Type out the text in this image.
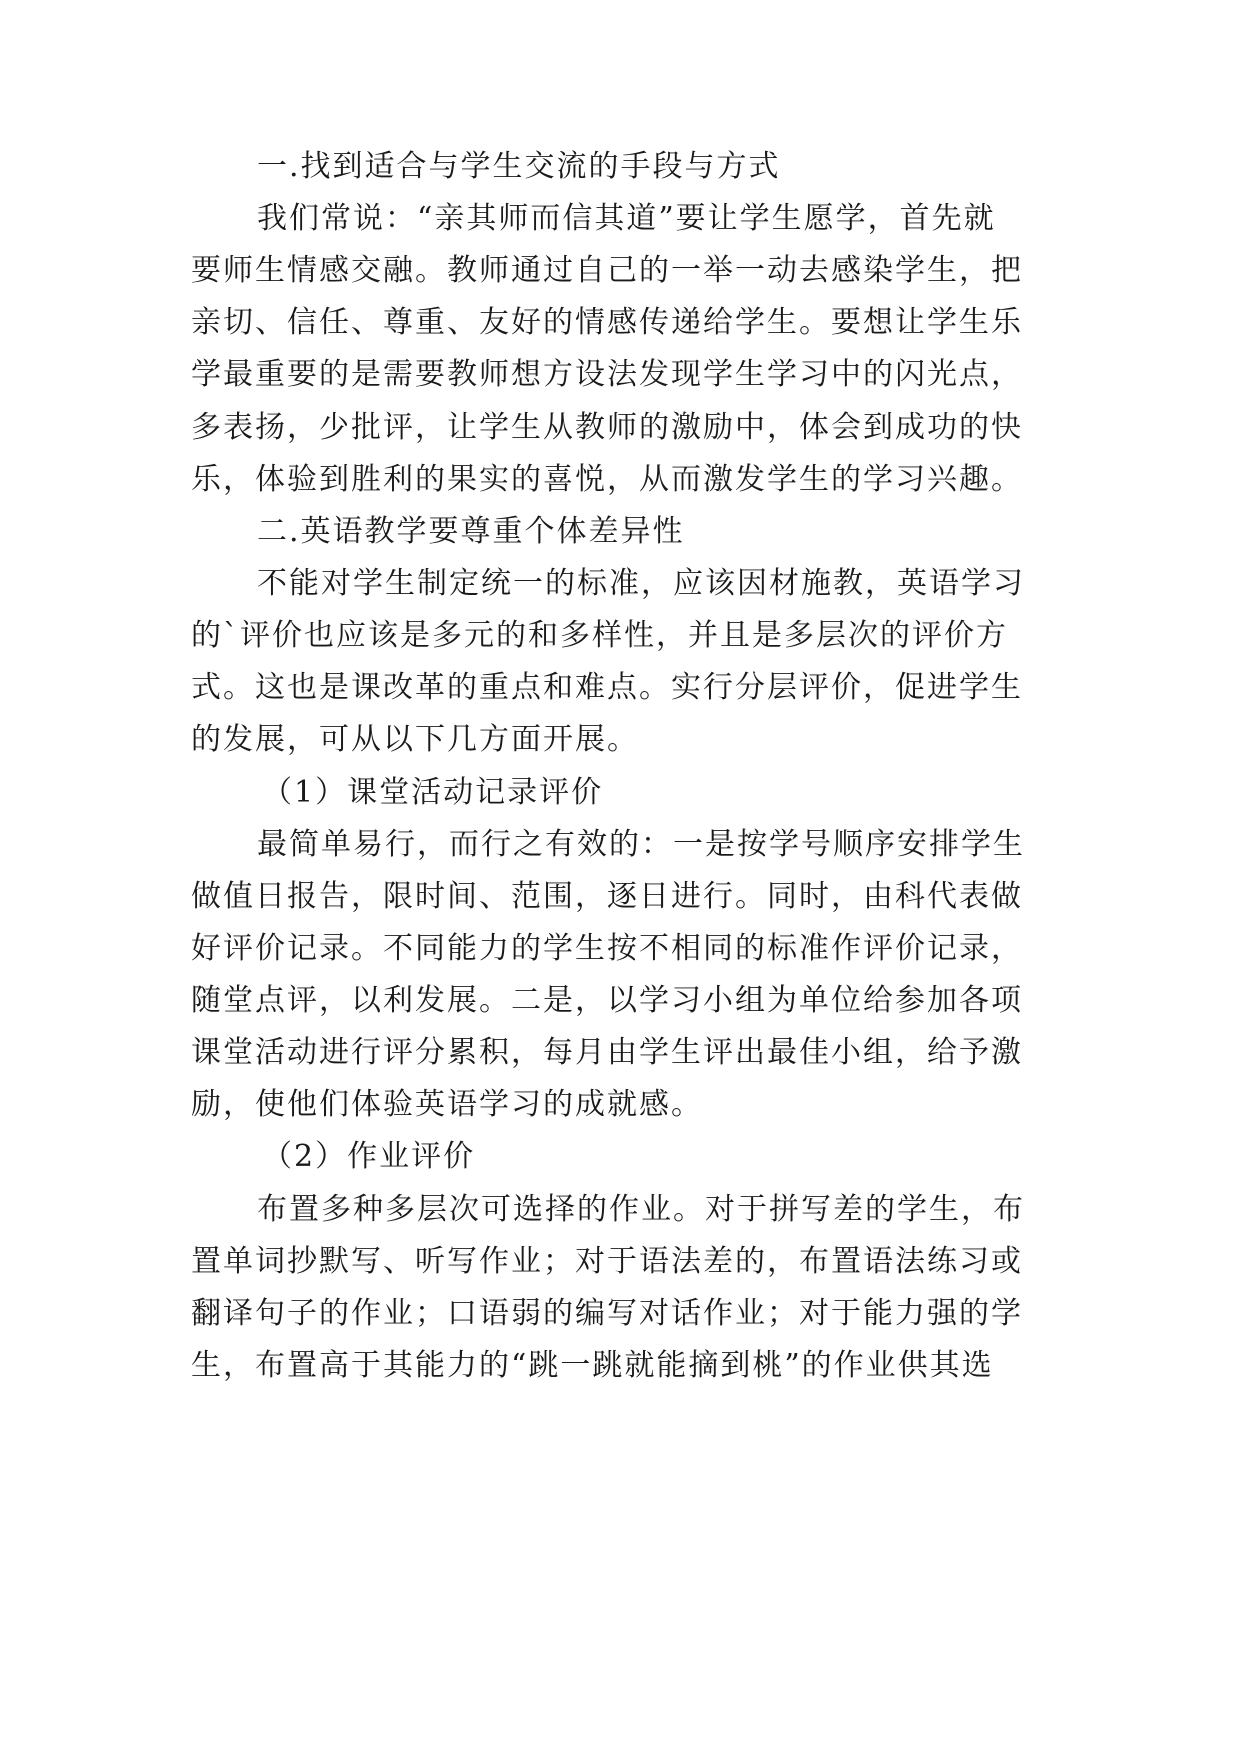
一.找到适合与学生交流的手段与方式
我们常说：“亲其师而信其道”要让学生愿学，首先就
要师生情感交融。教师通过自己的一举一动去感染学生，把
亲切、信任、尊重、友好的情感传递给学生。要想让学生乐
学最重要的是需要教师想方设法发现学生学习中的闪光点，
多表扬，少批评，让学生从教师的激励中，体会到成功的快
乐，体验到胜利的果实的喜悦，从而激发学生的学习兴趣。
二.英语教学要尊重个体差异性
不能对学生制定统一的标准，应该因材施教，英语学习
的`评价也应该是多元的和多样性，并且是多层次的评价方
式。这也是课改革的重点和难点。实行分层评价，促进学生
的发展，可从以下几方面开展。
（1）课堂活动记录评价
最简单易行，而行之有效的：一是按学号顺序安排学生
做值日报告，限时间、范围，逐日进行。同时，由科代表做
好评价记录。不同能力的学生按不相同的标准作评价记录，
随堂点评，以利发展。二是，以学习小组为单位给参加各项
课堂活动进行评分累积，每月由学生评出最佳小组，给予激
励，使他们体验英语学习的成就感。
（2）作业评价
布置多种多层次可选择的作业。对于拼写差的学生，布
置单词抄默写、听写作业；对于语法差的，布置语法练习或
翻译句子的作业；口语弱的编写对话作业；对于能力强的学
生，布置高于其能力的“跳一跳就能摘到桃”的作业供其选
